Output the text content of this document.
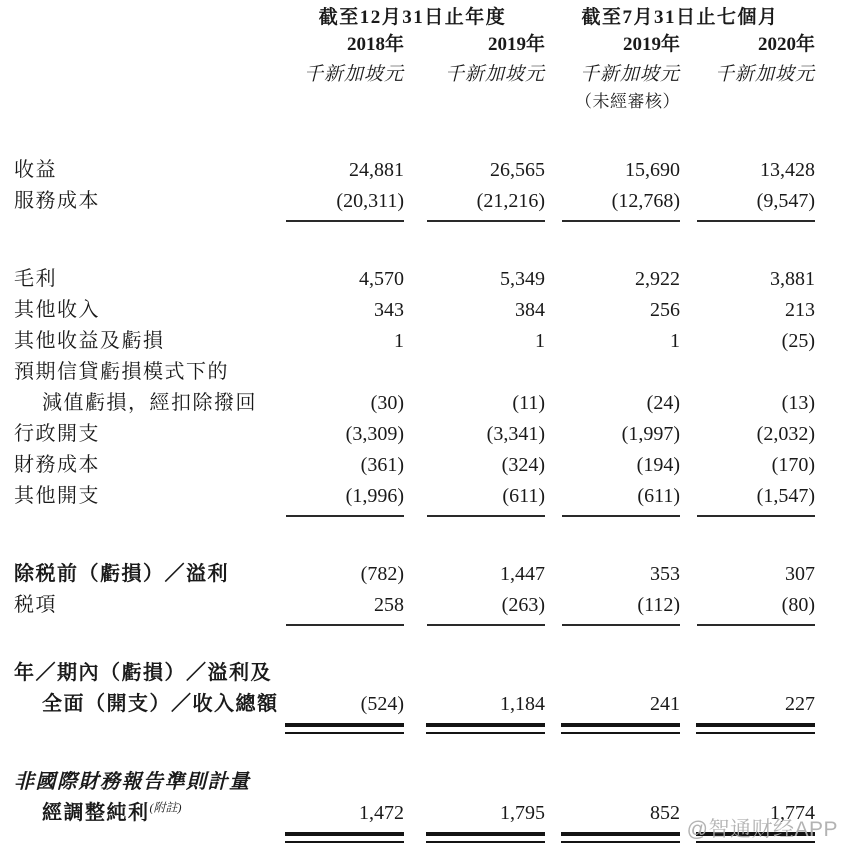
截至12月31日止年度	截至7月31日止七個月
2018年	2019年	2019年	2020年
千新加坡元	千新加坡元	千新加坡元	千新加坡元
（未經審核）
收益	24,881	26,565	15,690	13,428
服務成本	(20,311)	(21,216)	(12,768)	(9,547)
毛利	4,570	5,349	2,922	3,881
其他收入	343	384	256	213
其他收益及虧損	1	1	1	(25)
預期信貸虧損模式下的
減值虧損，經扣除撥回	(30)	(11)	(24)	(13)
行政開支	(3,309)	(3,341)	(1,997)	(2,032)
財務成本	(361)	(324)	(194)	(170)
其他開支	(1,996)	(611)	(611)	(1,547)
除税前（虧損）／溢利	(782)	1,447	353	307
税項	258	(263)	(112)	(80)
年／期內（虧損）／溢利及
全面（開支）／收入總額	(524)	1,184	241	227
非國際財務報告準則計量
經調整純利$^{(附註)}$	1,472	1,795	852	1,774
@智通财经APP
